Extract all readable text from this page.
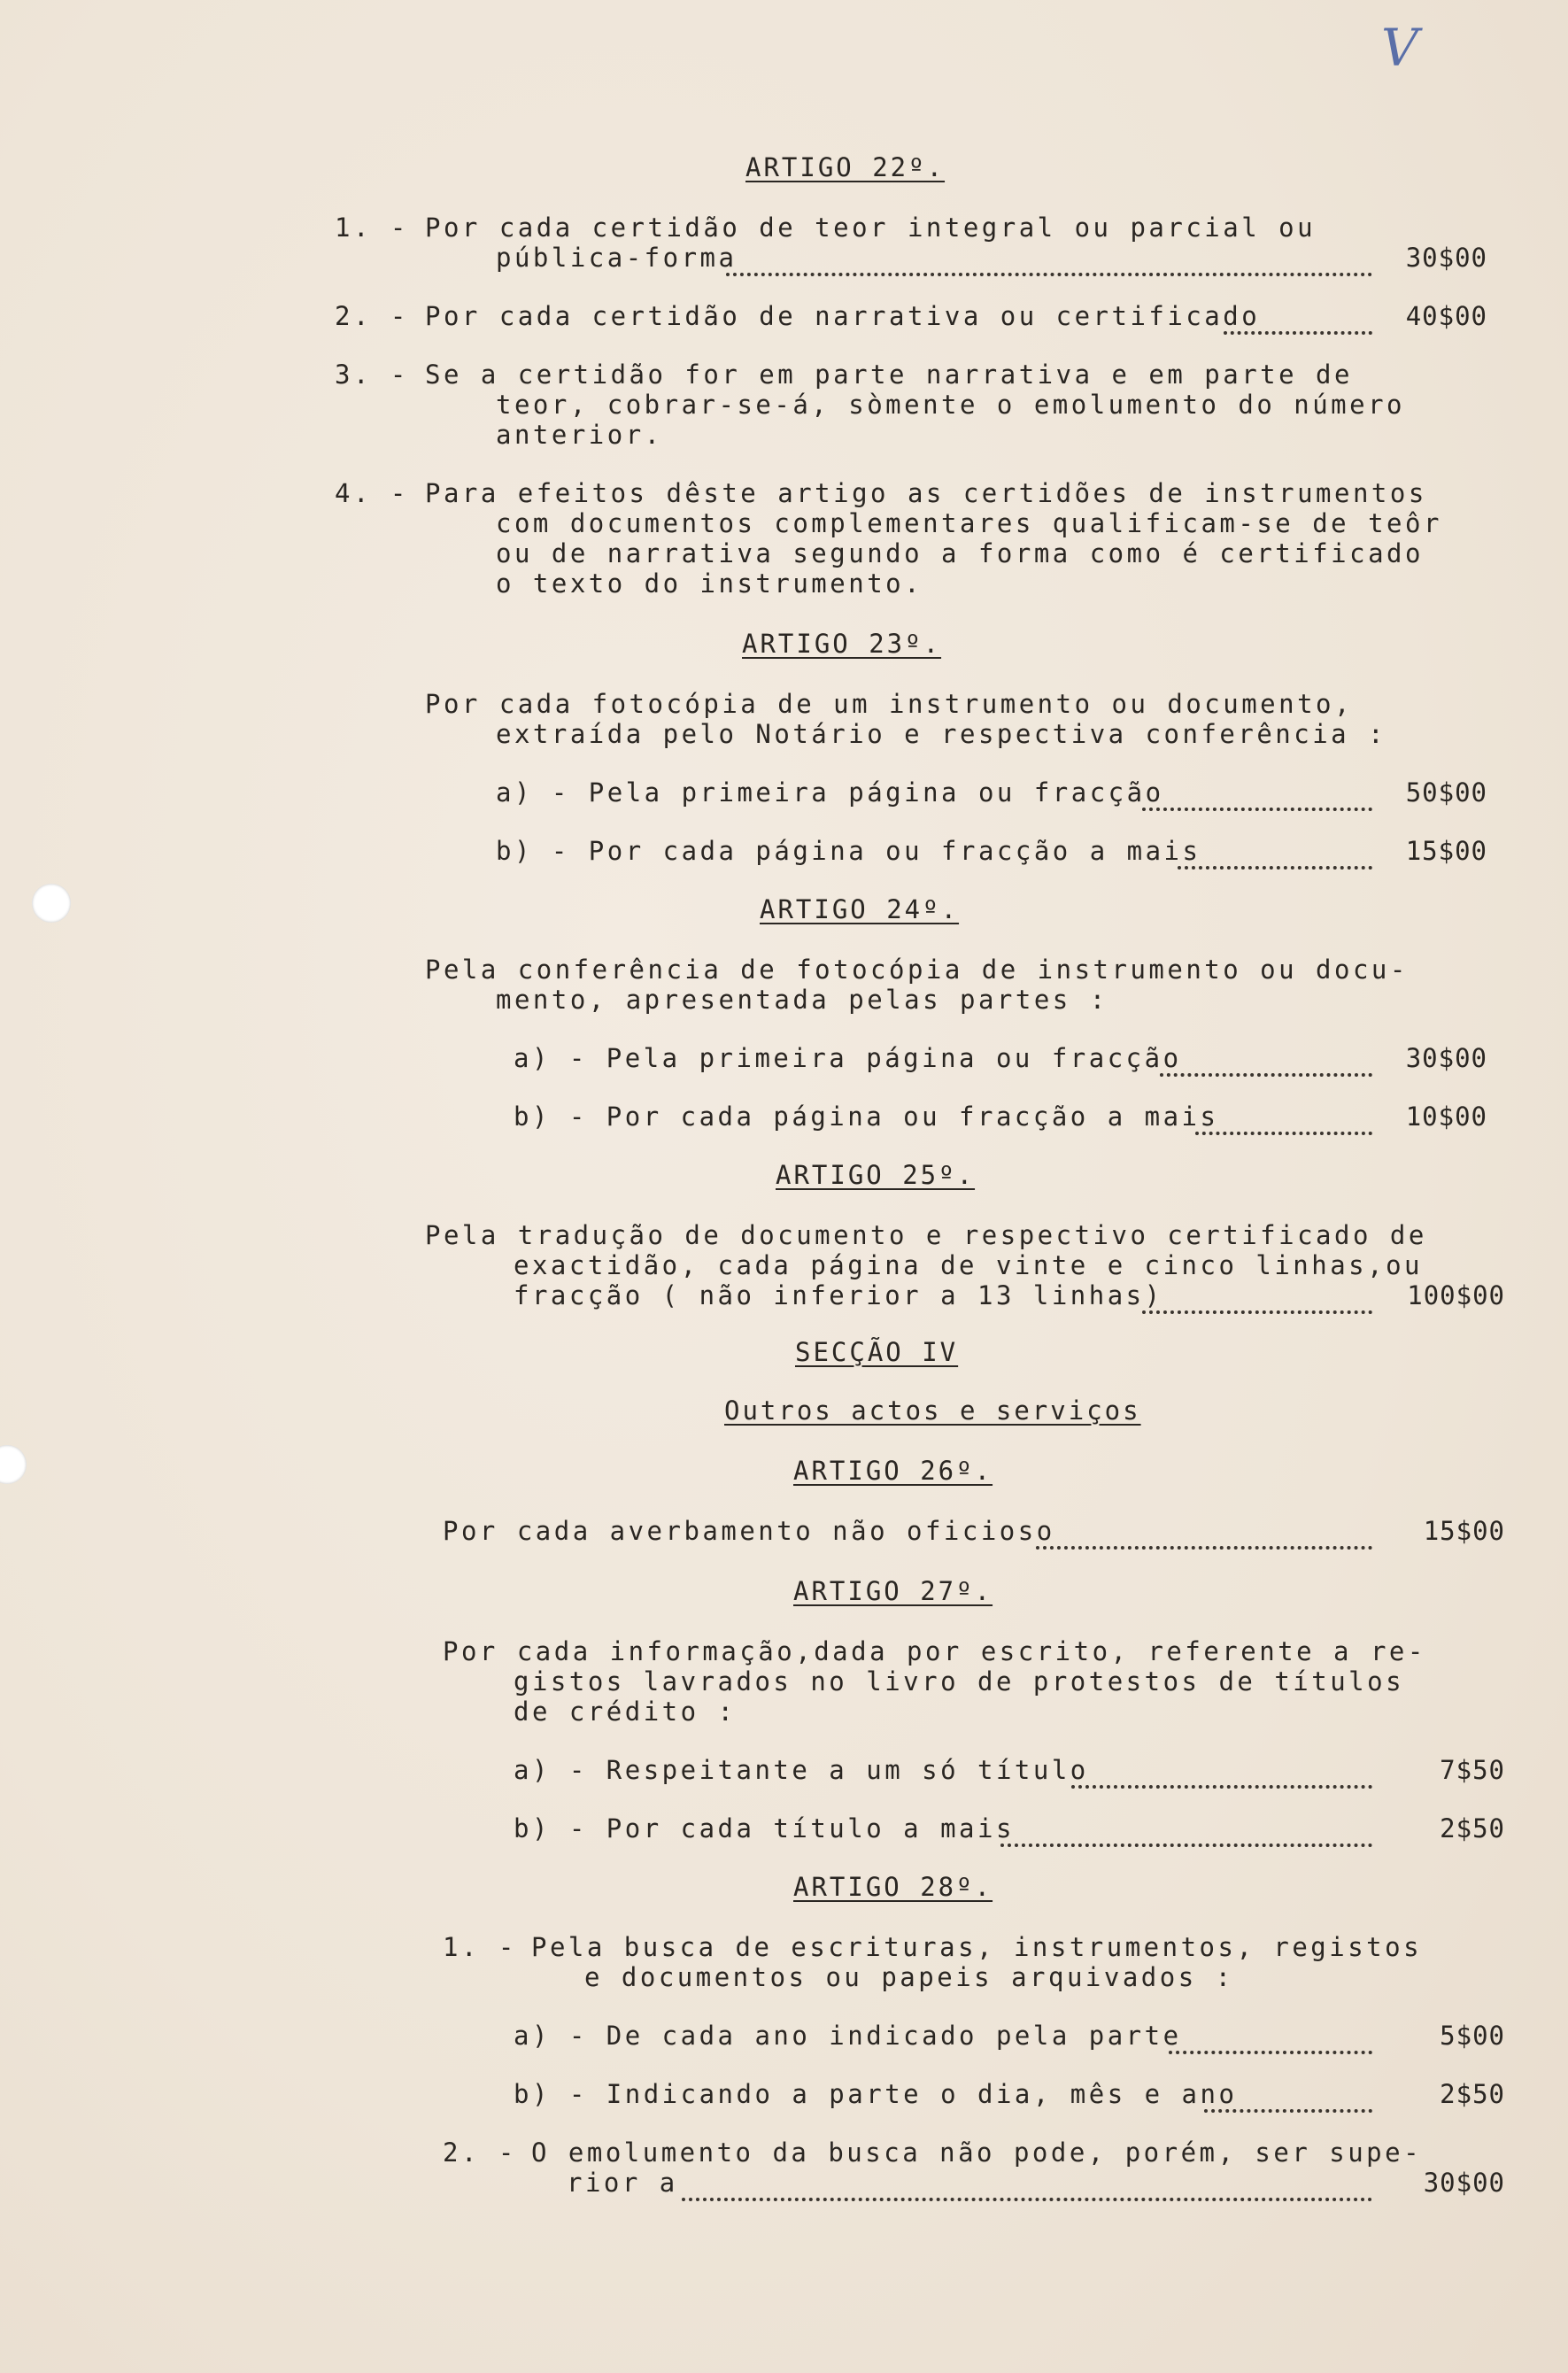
V
ARTIGO 22º.
1. - Por cada certidão de teor integral ou parcial ou
pública-forma	30$00
2. - Por cada certidão de narrativa ou certificado	40$00
3. - Se a certidão for em parte narrativa e em parte de
teor, cobrar-se-á, sòmente o emolumento do número
anterior.
4. - Para efeitos dêste artigo as certidões de instrumentos
com documentos complementares qualificam-se de teôr
ou de narrativa segundo a forma como é certificado
o texto do instrumento.
ARTIGO 23º.
Por cada fotocópia de um instrumento ou documento,
extraída pelo Notário e respectiva conferência :
a) - Pela primeira página ou fracção	50$00
b) - Por cada página ou fracção a mais	15$00
ARTIGO 24º.
Pela conferência de fotocópia de instrumento ou docu-
mento, apresentada pelas partes :
a) - Pela primeira página ou fracção	30$00
b) - Por cada página ou fracção a mais	10$00
ARTIGO 25º.
Pela tradução de documento e respectivo certificado de
exactidão, cada página de vinte e cinco linhas,ou
fracção ( não inferior a 13 linhas)	100$00
SECÇÃO IV
Outros actos e serviços
ARTIGO 26º.
Por cada averbamento não oficioso	15$00
ARTIGO 27º.
Por cada informação,dada por escrito, referente a re-
gistos lavrados no livro de protestos de títulos
de crédito :
a) - Respeitante a um só título	7$50
b) - Por cada título a mais	2$50
ARTIGO 28º.
1. - Pela busca de escrituras, instrumentos, registos
e documentos ou papeis arquivados :
a) - De cada ano indicado pela parte	5$00
b) - Indicando a parte o dia, mês e ano	2$50
2. - O emolumento da busca não pode, porém, ser supe-
rior a	30$00
